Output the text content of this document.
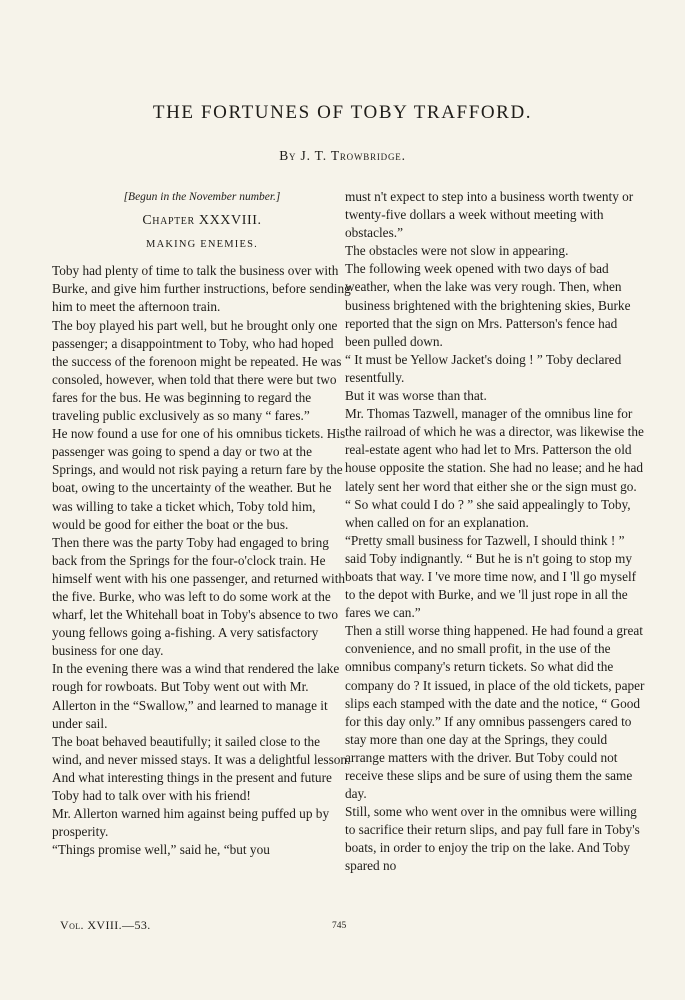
THE FORTUNES OF TOBY TRAFFORD.

By J. T. Trowbridge.

[Begun in the November number.]

Chapter XXXVIII.

MAKING ENEMIES.

Toby had plenty of time to talk the business over with Burke, and give him further instructions, before sending him to meet the afternoon train.

The boy played his part well, but he brought only one passenger; a disappointment to Toby, who had hoped the success of the forenoon might be repeated. He was consoled, however, when told that there were but two fares for the bus. He was beginning to regard the traveling public exclusively as so many “ fares.”

He now found a use for one of his omnibus tickets. His passenger was going to spend a day or two at the Springs, and would not risk paying a return fare by the boat, owing to the uncertainty of the weather. But he was willing to take a ticket which, Toby told him, would be good for either the boat or the bus.

Then there was the party Toby had engaged to bring back from the Springs for the four-o'clock train. He himself went with his one passenger, and returned with the five. Burke, who was left to do some work at the wharf, let the Whitehall boat in Toby's absence to two young fellows going a-fishing. A very satisfactory business for one day.

In the evening there was a wind that rendered the lake rough for rowboats. But Toby went out with Mr. Allerton in the “Swallow,” and learned to manage it under sail.

The boat behaved beautifully; it sailed close to the wind, and never missed stays. It was a delightful lesson. And what interesting things in the present and future Toby had to talk over with his friend!

Mr. Allerton warned him against being puffed up by prosperity.

“Things promise well,” said he, “but you

must n't expect to step into a business worth twenty or twenty-five dollars a week without meeting with obstacles.”

The obstacles were not slow in appearing.

The following week opened with two days of bad weather, when the lake was very rough. Then, when business brightened with the brightening skies, Burke reported that the sign on Mrs. Patterson's fence had been pulled down.

“ It must be Yellow Jacket's doing ! ” Toby declared resentfully.

But it was worse than that.

Mr. Thomas Tazwell, manager of the omnibus line for the railroad of which he was a director, was likewise the real-estate agent who had let to Mrs. Patterson the old house opposite the station. She had no lease; and he had lately sent her word that either she or the sign must go.

“ So what could I do ? ” she said appealingly to Toby, when called on for an explanation.

“Pretty small business for Tazwell, I should think ! ” said Toby indignantly. “ But he is n't going to stop my boats that way. I 've more time now, and I 'll go myself to the depot with Burke, and we 'll just rope in all the fares we can.”

Then a still worse thing happened. He had found a great convenience, and no small profit, in the use of the omnibus company's return tickets. So what did the company do ? It issued, in place of the old tickets, paper slips each stamped with the date and the notice, “ Good for this day only.” If any omnibus passengers cared to stay more than one day at the Springs, they could arrange matters with the driver. But Toby could not receive these slips and be sure of using them the same day.

Still, some who went over in the omnibus were willing to sacrifice their return slips, and pay full fare in Toby's boats, in order to enjoy the trip on the lake. And Toby spared no

Vol. XVIII.—53.	745
